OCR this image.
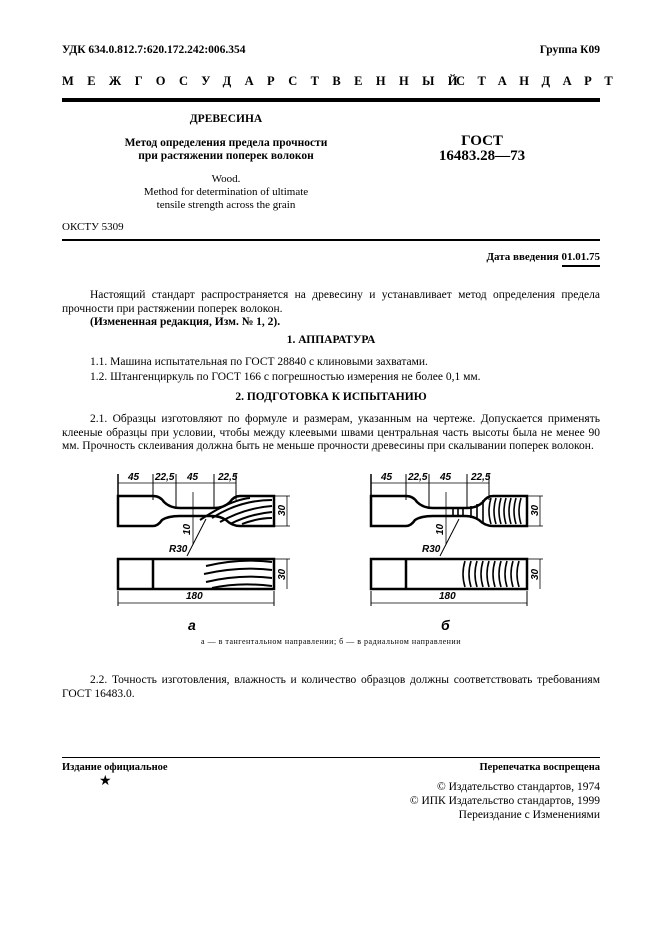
УДК 634.0.812.7:620.172.242:006.354	Группа К09
МЕЖГОСУДАРСТВЕННЫЙ
СТАНДАРТ
ДРЕВЕСИНА
Метод определения предела прочности
при растяжении поперек волокон
Wood.
Method for determination of ultimate
tensile strength across the grain
ГОСТ
16483.28—73
ОКСТУ 5309
Дата введения 01.01.75
Настоящий стандарт распространяется на древесину и устанавливает метод определения предела прочности при растяжении поперек волокон.
(Измененная редакция, Изм. № 1, 2).
1. АППАРАТУРА
1.1. Машина испытательная по ГОСТ 28840 с клиновыми захватами.
1.2. Штангенциркуль по ГОСТ 166 с погрешностью измерения не более 0,1 мм.
2. ПОДГОТОВКА К ИСПЫТАНИЮ
2.1. Образцы изготовляют по формуле и размерам, указанным на чертеже. Допускается применять клееные образцы при условии, чтобы между клеевыми швами центральная часть высоты была не менее 90 мм. Прочность склеивания должна быть не меньше прочности древесины при скалывании поперек волокон.
45 22,5 45 22,5
30
10
R30
30
180
а
45 22,5 45 22,5
30
10
R30
30
180
б
а — в тангентальном направлении; б — в радиальном направлении
2.2. Точность изготовления, влажность и количество образцов должны соответствовать требованиям ГОСТ 16483.0.
Издание официальное
★
Перепечатка воспрещена
© Издательство стандартов, 1974
© ИПК Издательство стандартов, 1999
Переиздание с Изменениями
